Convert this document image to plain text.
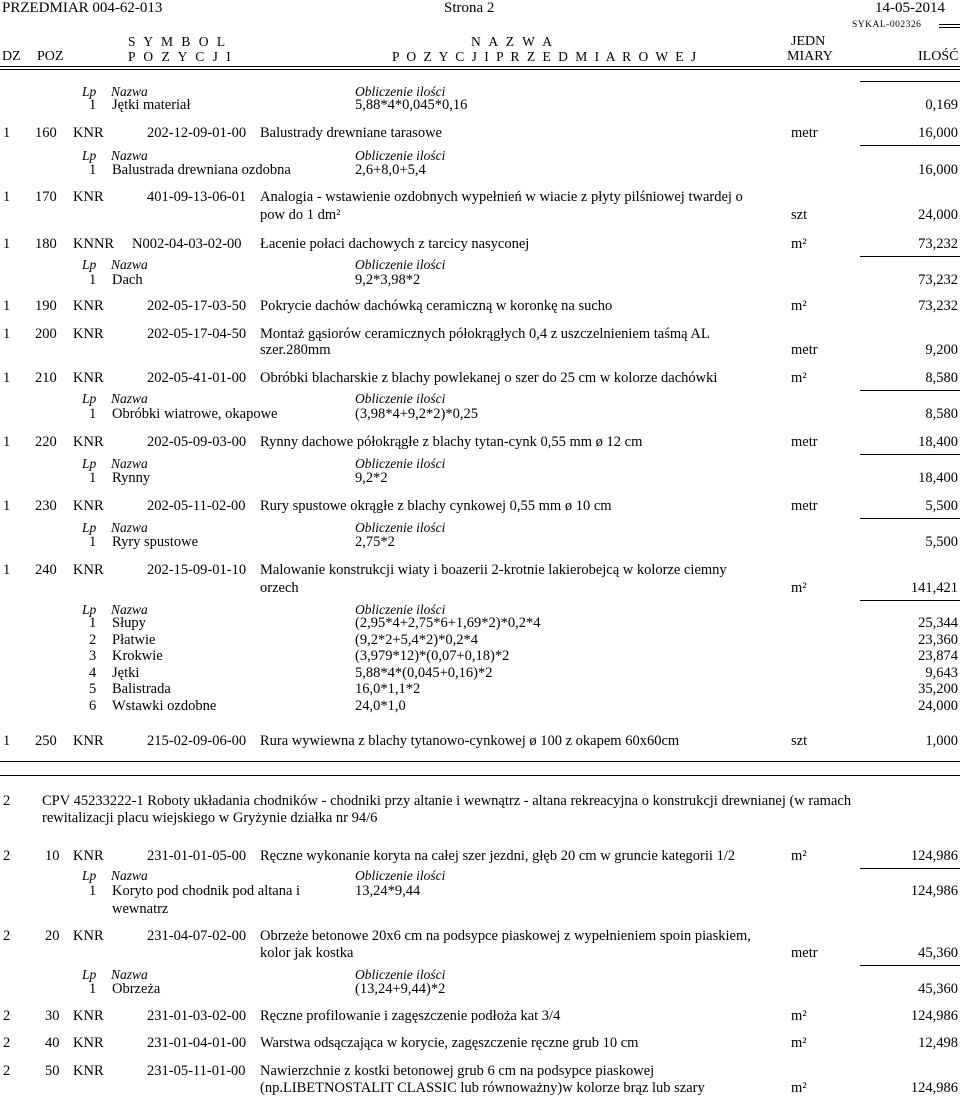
PRZEDMIAR 004-62-013	Strona 2	14-05-2014
SYKAL-002326
S Y M B O L	N A Z W A	JEDN
DZ POZ	P O Z Y C J I	P O Z Y C J I P R Z E D M I A R O W E J	MIARY	ILOŚĆ
Lp Nazwa	Obliczenie ilości
1 Jętki materiał	5,88*4*0,045*0,16	0,169
1 160 KNR	202-12-09-01-00 Balustrady drewniane tarasowe	metr	16,000
Lp Nazwa	Obliczenie ilości
1 Balustrada drewniana ozdobna	2,6+8,0+5,4	16,000
1 170 KNR	401-09-13-06-01 Analogia - wstawienie ozdobnych wypełnień w wiacie z płyty pilśniowej twardej o
pow do 1 dm²	szt	24,000
1 180 KNNR N002-04-03-02-00 Łacenie połaci dachowych z tarcicy nasyconej	m²	73,232
Lp Nazwa	Obliczenie ilości
1 Dach	9,2*3,98*2	73,232
1 190 KNR	202-05-17-03-50 Pokrycie dachów dachówką ceramiczną w koronkę na sucho	m²	73,232
1 200 KNR	202-05-17-04-50 Montaż gąsiorów ceramicznych półokrągłych 0,4 z uszczelnieniem taśmą AL
szer.280mm	metr	9,200
1 210 KNR	202-05-41-01-00 Obróbki blacharskie z blachy powlekanej o szer do 25 cm w kolorze dachówki	m²	8,580
Lp Nazwa	Obliczenie ilości
1 Obróbki wiatrowe, okapowe	(3,98*4+9,2*2)*0,25	8,580
1 220 KNR	202-05-09-03-00 Rynny dachowe półokrągłe z blachy tytan-cynk 0,55 mm ø 12 cm	metr	18,400
Lp Nazwa	Obliczenie ilości
1 Rynny	9,2*2	18,400
1 230 KNR	202-05-11-02-00 Rury spustowe okrągłe z blachy cynkowej 0,55 mm ø 10 cm	metr	5,500
Lp Nazwa	Obliczenie ilości
1 Ryry spustowe	2,75*2	5,500
1 240 KNR	202-15-09-01-10 Malowanie konstrukcji wiaty i boazerii 2-krotnie lakierobejcą w kolorze ciemny
orzech	m²	141,421
Lp Nazwa	Obliczenie ilości
1 Słupy	(2,95*4+2,75*6+1,69*2)*0,2*4	25,344
2 Płatwie	(9,2*2+5,4*2)*0,2*4	23,360
3 Krokwie	(3,979*12)*(0,07+0,18)*2	23,874
4 Jętki	5,88*4*(0,045+0,16)*2	9,643
5 Balistrada	16,0*1,1*2	35,200
6 Wstawki ozdobne	24,0*1,0	24,000
1 250 KNR	215-02-09-06-00 Rura wywiewna z blachy tytanowo-cynkowej ø 100 z okapem 60x60cm	szt	1,000
2 CPV 45233222-1 Roboty układania chodników - chodniki przy altanie i wewnątrz - altana rekreacyjna o konstrukcji drewnianej (w ramach
rewitalizacji placu wiejskiego w Gryżynie działka nr 94/6
2 10 KNR	231-01-01-05-00 Ręczne wykonanie koryta na całej szer jezdni, głęb 20 cm w gruncie kategorii 1/2	m²	124,986
Lp Nazwa	Obliczenie ilości
1 Koryto pod chodnik pod altana i
wewnatrz
13,24*9,44	124,986
2 20 KNR	231-04-07-02-00 Obrzeże betonowe 20x6 cm na podsypce piaskowej z wypełnieniem spoin piaskiem,
kolor jak kostka	metr	45,360
Lp Nazwa	Obliczenie ilości
1 Obrzeża	(13,24+9,44)*2	45,360
2 30 KNR	231-01-03-02-00 Ręczne profilowanie i zagęszczenie podłoża kat 3/4	m²	124,986
2 40 KNR	231-01-04-01-00 Warstwa odsączająca w korycie, zagęszczenie ręczne grub 10 cm	m²	12,498
2 50 KNR	231-05-11-01-00 Nawierzchnie z kostki betonowej grub 6 cm na podsypce piaskowej
(np.LIBETNOSTALIT CLASSIC lub równoważny)w kolorze brąz lub szary	m²	124,986
